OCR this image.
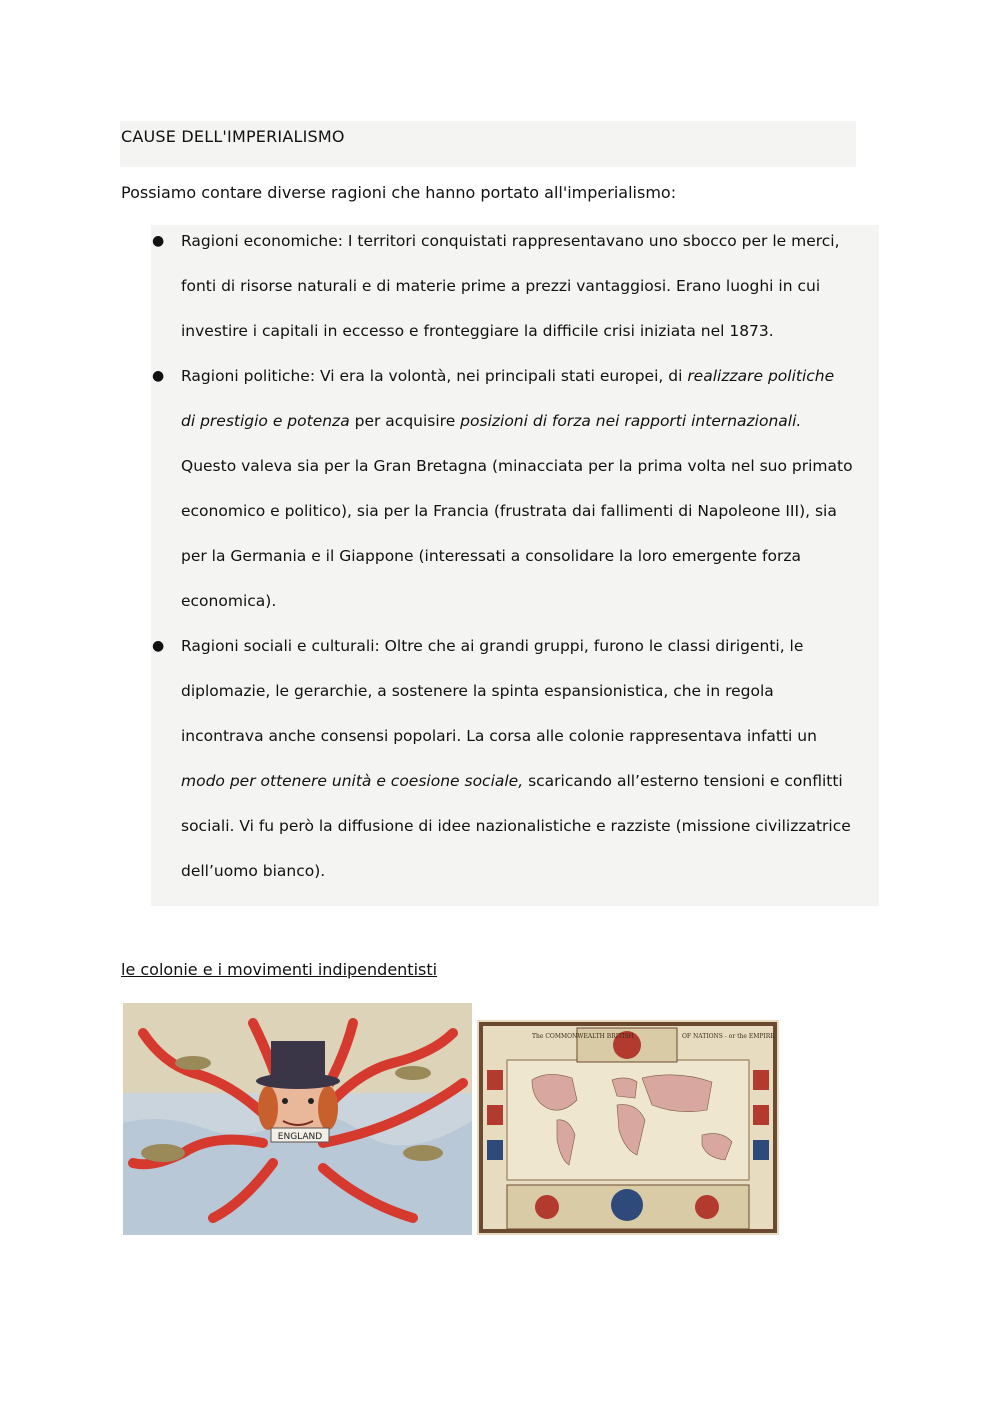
CAUSE DELL'IMPERIALISMO
Possiamo contare diverse ragioni che hanno portato all'imperialismo:
● Ragioni economiche: I territori conquistati rappresentavano uno sbocco per le merci,
fonti di risorse naturali e di materie prime a prezzi vantaggiosi. Erano luoghi in cui
investire i capitali in eccesso e fronteggiare la difficile crisi iniziata nel 1873.
● Ragioni politiche: Vi era la volontà, nei principali stati europei, di realizzare politiche
di prestigio e potenza per acquisire posizioni di forza nei rapporti internazionali.
Questo valeva sia per la Gran Bretagna (minacciata per la prima volta nel suo primato
economico e politico), sia per la Francia (frustrata dai fallimenti di Napoleone III), sia
per la Germania e il Giappone (interessati a consolidare la loro emergente forza
economica).
● Ragioni sociali e culturali: Oltre che ai grandi gruppi, furono le classi dirigenti, le
diplomazie, le gerarchie, a sostenere la spinta espansionistica, che in regola
incontrava anche consensi popolari. La corsa alle colonie rappresentava infatti un
modo per ottenere unità e coesione sociale, scaricando all’esterno tensioni e conflitti
sociali. Vi fu però la diffusione di idee nazionalistiche e razziste (missione civilizzatrice
dell’uomo bianco).
le colonie e i movimenti indipendentisti
ENGLAND
The COMMONWEALTH BRITISH	OF NATIONS - or the EMPIRE
